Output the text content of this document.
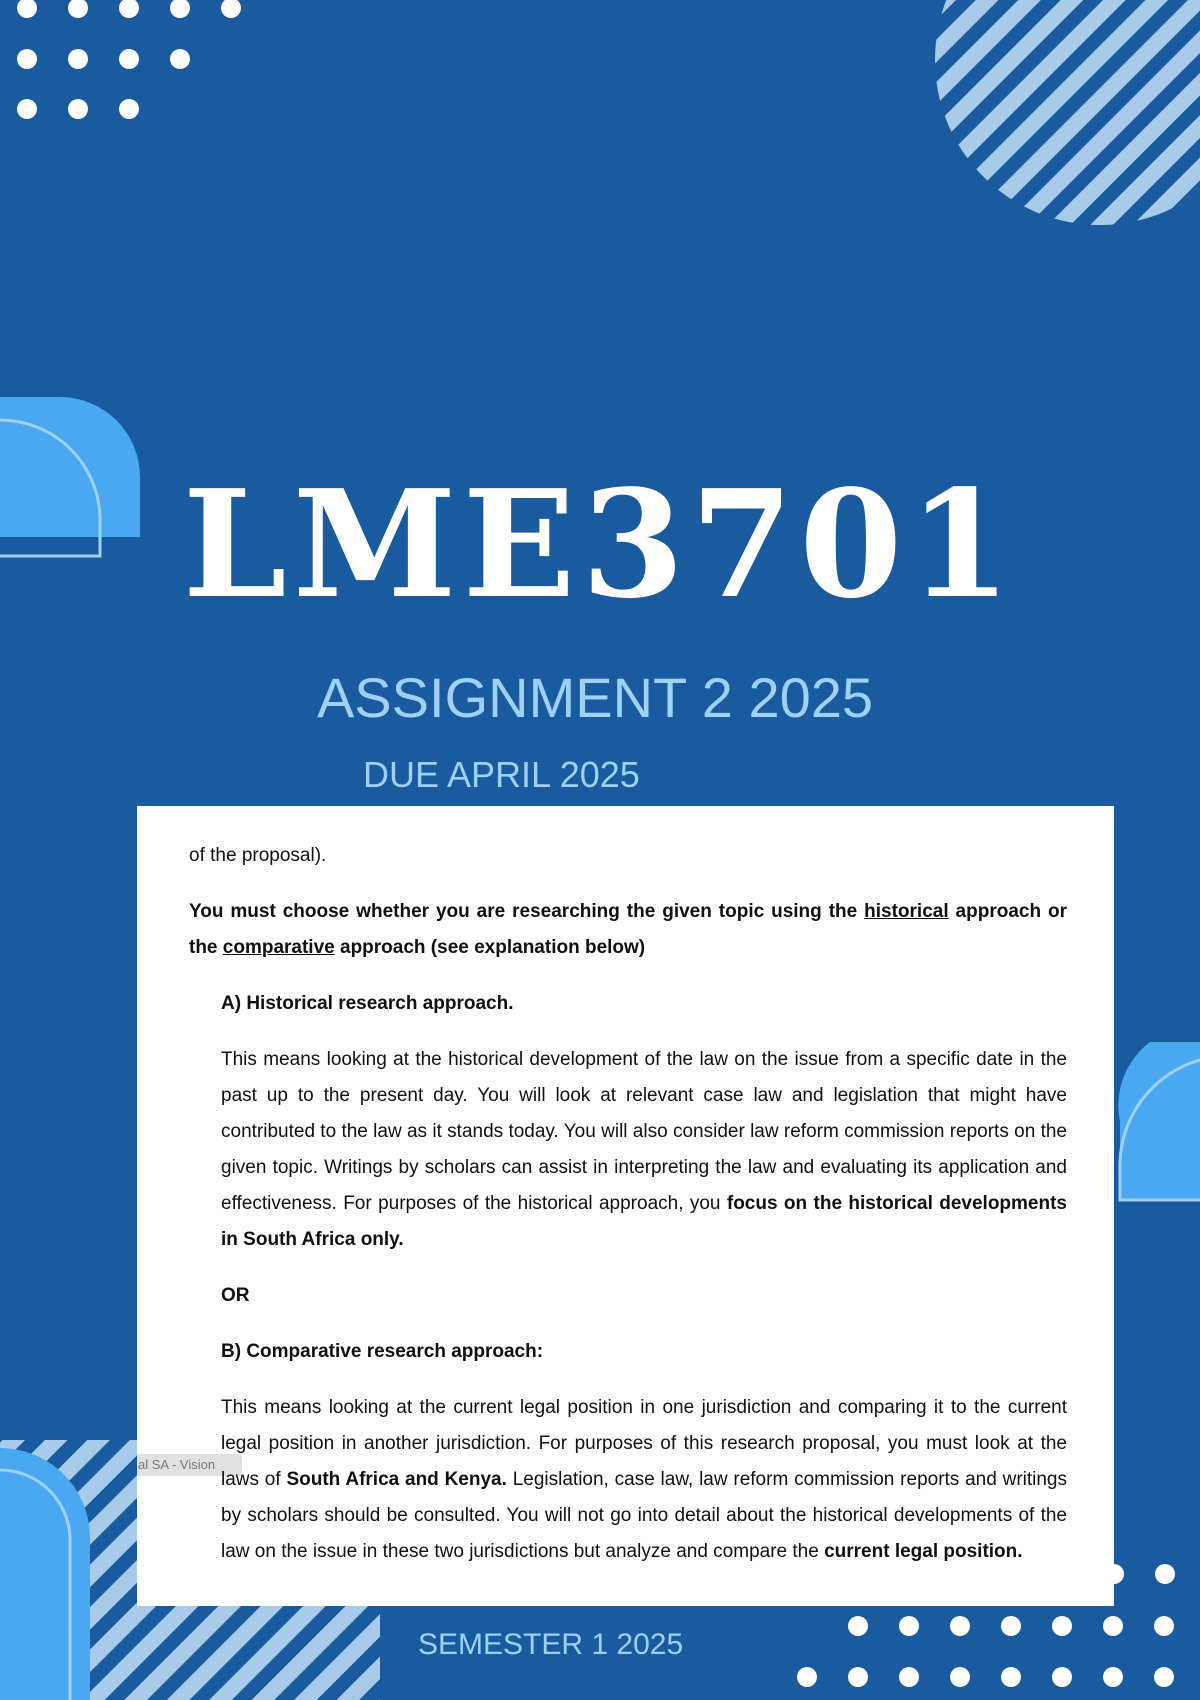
LME3701
ASSIGNMENT 2 2025
DUE APRIL 2025
al SA - Vision

of the proposal).

You must choose whether you are researching the given topic using the historical approach or the comparative approach (see explanation below)

A) Historical research approach.

This means looking at the historical development of the law on the issue from a specific date in the past up to the present day. You will look at relevant case law and legislation that might have contributed to the law as it stands today. You will also consider law reform commission reports on the given topic. Writings by scholars can assist in interpreting the law and evaluating its application and effectiveness. For purposes of the historical approach, you focus on the historical developments in South Africa only.

OR

B) Comparative research approach:

This means looking at the current legal position in one jurisdiction and comparing it to the current legal position in another jurisdiction. For purposes of this research proposal, you must look at the laws of South Africa and Kenya. Legislation, case law, law reform commission reports and writings by scholars should be consulted. You will not go into detail about the historical developments of the law on the issue in these two jurisdictions but analyze and compare the current legal position.

SEMESTER 1 2025
